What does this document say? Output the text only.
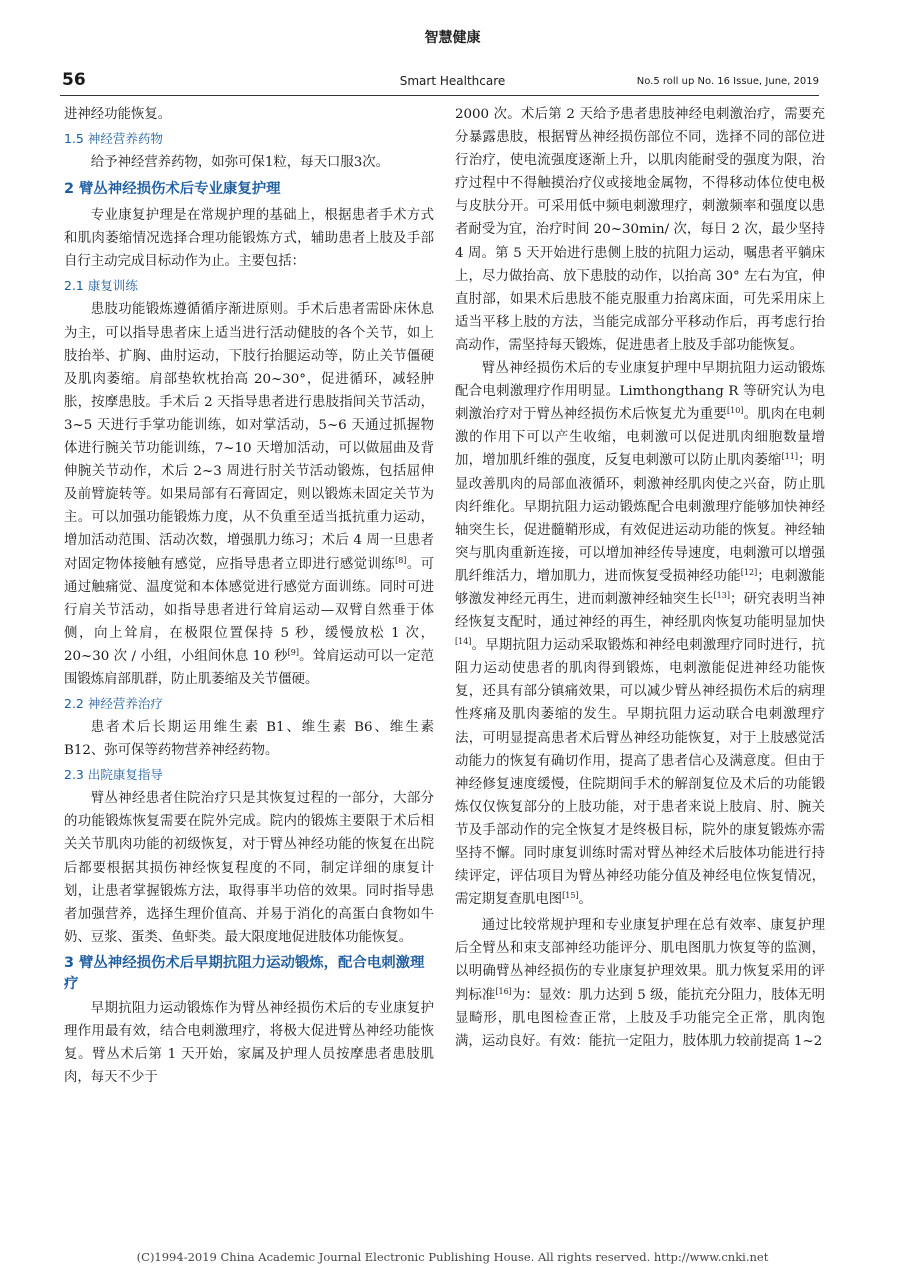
智慧健康
56	Smart Healthcare	No.5 roll up No. 16 Issue, June, 2019

进神经功能恢复。

1.5 神经营养药物

给予神经营养药物，如弥可保1粒，每天口服3次。

2 臂丛神经损伤术后专业康复护理

专业康复护理是在常规护理的基础上，根据患者手术方式和肌肉萎缩情况选择合理功能锻炼方式，辅助患者上肢及手部自行主动完成目标动作为止。主要包括：

2.1 康复训练

患肢功能锻炼遵循循序渐进原则。手术后患者需卧床休息为主，可以指导患者床上适当进行活动健肢的各个关节，如上肢抬举、扩胸、曲肘运动，下肢行抬腿运动等，防止关节僵硬及肌肉萎缩。肩部垫软枕抬高 20~30°，促进循环，减轻肿胀，按摩患肢。手术后 2 天指导患者进行患肢指间关节活动，3~5 天进行手掌功能训练，如对掌活动，5~6 天通过抓握物体进行腕关节功能训练，7~10 天增加活动，可以做屈曲及背伸腕关节动作，术后 2~3 周进行肘关节活动锻炼，包括屈伸及前臂旋转等。如果局部有石膏固定，则以锻炼未固定关节为主。可以加强功能锻炼力度，从不负重至适当抵抗重力运动，增加活动范围、活动次数，增强肌力练习；术后 4 周一旦患者对固定物体接触有感觉，应指导患者立即进行感觉训练[8]。可通过触痛觉、温度觉和本体感觉进行感觉方面训练。同时可进行肩关节活动，如指导患者进行耸肩运动—双臂自然垂于体侧，向上耸肩，在极限位置保持 5 秒，缓慢放松 1 次，20~30 次 / 小组，小组间休息 10 秒[9]。耸肩运动可以一定范围锻炼肩部肌群，防止肌萎缩及关节僵硬。

2.2 神经营养治疗

患者术后长期运用维生素 B1、维生素 B6、维生素 B12、弥可保等药物营养神经药物。

2.3 出院康复指导

臂丛神经患者住院治疗只是其恢复过程的一部分，大部分的功能锻炼恢复需要在院外完成。院内的锻炼主要限于术后相关关节肌肉功能的初级恢复，对于臂丛神经功能的恢复在出院后都要根据其损伤神经恢复程度的不同，制定详细的康复计划，让患者掌握锻炼方法，取得事半功倍的效果。同时指导患者加强营养，选择生理价值高、并易于消化的高蛋白食物如牛奶、豆浆、蛋类、鱼虾类。最大限度地促进肢体功能恢复。

3 臂丛神经损伤术后早期抗阻力运动锻炼，配合电刺激理疗

早期抗阻力运动锻炼作为臂丛神经损伤术后的专业康复护理作用最有效，结合电刺激理疗，将极大促进臂丛神经功能恢复。臂丛术后第 1 天开始，家属及护理人员按摩患者患肢肌肉，每天不少于

2000 次。术后第 2 天给予患者患肢神经电刺激治疗，需要充分暴露患肢，根据臂丛神经损伤部位不同，选择不同的部位进行治疗，使电流强度逐渐上升，以肌肉能耐受的强度为限，治疗过程中不得触摸治疗仪或接地金属物，不得移动体位使电极与皮肤分开。可采用低中频电刺激理疗，刺激频率和强度以患者耐受为宜，治疗时间 20~30min/ 次，每日 2 次，最少坚持 4 周。第 5 天开始进行患侧上肢的抗阻力运动，嘱患者平躺床上，尽力做抬高、放下患肢的动作，以抬高 30° 左右为宜，伸直肘部，如果术后患肢不能克服重力抬离床面，可先采用床上适当平移上肢的方法，当能完成部分平移动作后，再考虑行抬高动作，需坚持每天锻炼，促进患者上肢及手部功能恢复。

臂丛神经损伤术后的专业康复护理中早期抗阻力运动锻炼配合电刺激理疗作用明显。Limthongthang R 等研究认为电刺激治疗对于臂丛神经损伤术后恢复尤为重要[10]。肌肉在电刺激的作用下可以产生收缩，电刺激可以促进肌肉细胞数量增加，增加肌纤维的强度，反复电刺激可以防止肌肉萎缩[11]；明显改善肌肉的局部血液循环，刺激神经肌肉使之兴奋，防止肌肉纤维化。早期抗阻力运动锻炼配合电刺激理疗能够加快神经轴突生长，促进髓鞘形成，有效促进运动功能的恢复。神经轴突与肌肉重新连接，可以增加神经传导速度，电刺激可以增强肌纤维活力，增加肌力，进而恢复受损神经功能[12]；电刺激能够激发神经元再生，进而刺激神经轴突生长[13]；研究表明当神经恢复支配时，通过神经的再生，神经肌肉恢复功能明显加快[14]。早期抗阻力运动采取锻炼和神经电刺激理疗同时进行，抗阻力运动使患者的肌肉得到锻炼，电刺激能促进神经功能恢复，还具有部分镇痛效果，可以减少臂丛神经损伤术后的病理性疼痛及肌肉萎缩的发生。早期抗阻力运动联合电刺激理疗法，可明显提高患者术后臂丛神经功能恢复，对于上肢感觉活动能力的恢复有确切作用，提高了患者信心及满意度。但由于神经修复速度缓慢，住院期间手术的解剖复位及术后的功能锻炼仅仅恢复部分的上肢功能，对于患者来说上肢肩、肘、腕关节及手部动作的完全恢复才是终极目标，院外的康复锻炼亦需坚持不懈。同时康复训练时需对臂丛神经术后肢体功能进行持续评定，评估项目为臂丛神经功能分值及神经电位恢复情况，需定期复查肌电图[15]。

通过比较常规护理和专业康复护理在总有效率、康复护理后全臂丛和束支部神经功能评分、肌电图肌力恢复等的监测，以明确臂丛神经损伤的专业康复护理效果。肌力恢复采用的评判标准[16]为：显效：肌力达到 5 级，能抗充分阻力，肢体无明显畸形，肌电图检查正常，上肢及手功能完全正常，肌肉饱满，运动良好。有效：能抗一定阻力，肢体肌力较前提高 1~2

(C)1994-2019 China Academic Journal Electronic Publishing House. All rights reserved. http://www.cnki.net
